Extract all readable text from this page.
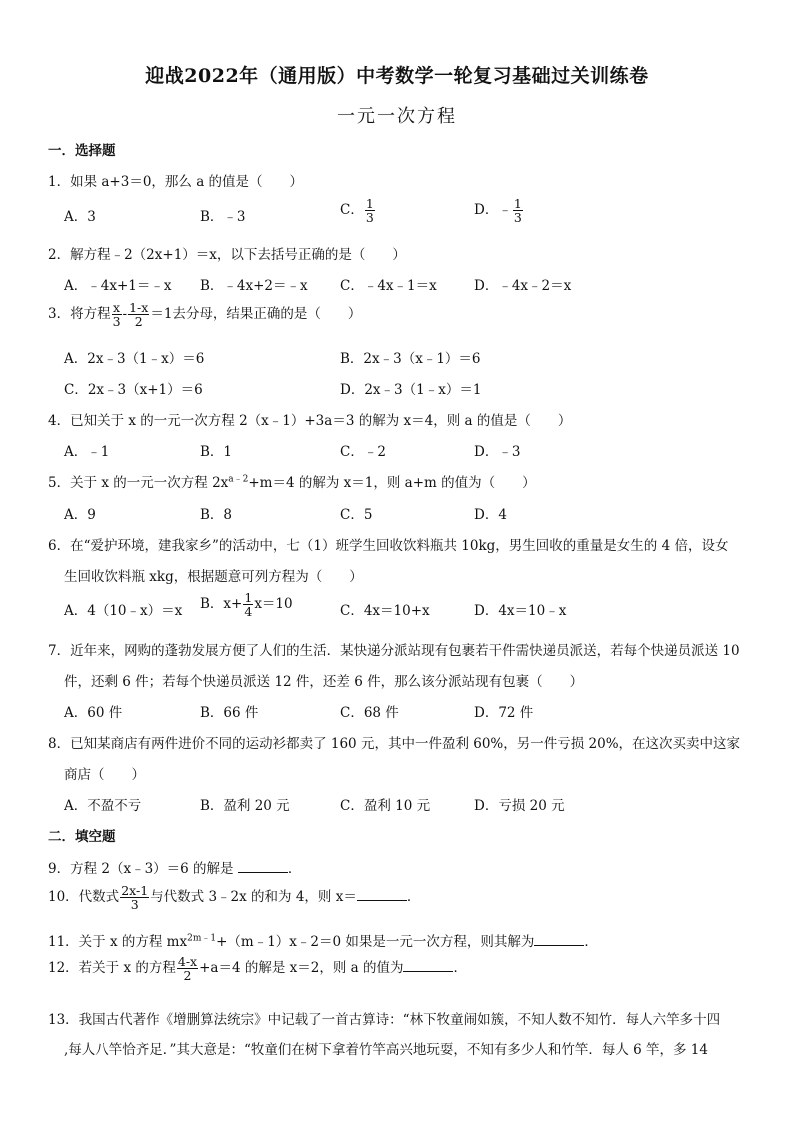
迎战2022年（通用版）中考数学一轮复习基础过关训练卷
一元一次方程
一．选择题
1．如果 a+3＝0，那么 a 的值是（　　）
A．3	B．﹣3	C． $\frac{1}{3}$	D．﹣ $\frac{1}{3}$
2．解方程﹣2（2x+1）＝x，以下去括号正确的是（　　）
A．﹣4x+1＝﹣x B．﹣4x+2＝﹣x C．﹣4x﹣1＝x	D．﹣4x﹣2＝x
3．将方程 $\frac{x}{3} - \frac{1-x}{2} =1$去分母，结果正确的是（　　）
A．2x﹣3（1﹣x）＝6	B．2x﹣3（x﹣1）＝6
C．2x﹣3（x+1）＝6	D．2x﹣3（1﹣x）＝1
4．已知关于 x 的一元一次方程 2（x﹣1）+3a＝3 的解为 x＝4，则 a 的值是（　　）
A．﹣1	B．1	C．﹣2	D．﹣3
5．关于 x 的一元一次方程 $2x^{a﹣2}+m=4$ 的解为 x＝1，则 a+m 的值为（　　）
A．9	B．8	C．5	D．4
6．在“爱护环境，建我家乡”的活动中，七（1）班学生回收饮料瓶共 10kg，男生回收的重量是女生的 4 倍，设女
生回收饮料瓶 xkg，根据题意可列方程为（　　）
A．4（10﹣x）＝x B．$x+ \frac{1}{4} x=10$	C．4x＝10+x	D．4x＝10﹣x
7．近年来，网购的蓬勃发展方便了人们的生活．某快递分派站现有包裹若干件需快递员派送，若每个快递员派送 10
件，还剩 6 件；若每个快递员派送 12 件，还差 6 件，那么该分派站现有包裹（　　）
A．60 件	B．66 件	C．68 件	D．72 件
8．已知某商店有两件进价不同的运动衫都卖了 160 元，其中一件盈利 60%，另一件亏损 20%，在这次买卖中这家
商店（　　）
A．不盈不亏	B．盈利 20 元	C．盈利 10 元	D．亏损 20 元
二．填空题
9．方程 2（x﹣3）＝6 的解是	．
10．代数式 $\frac{2x-1}{3}$ 与代数式 3﹣2x 的和为 4，则 x＝	．
11．关于 x 的方程 $mx^{2m﹣1}+(m﹣1)x﹣2=0$ 如果是一元一次方程，则其解为	．
12．若关于 x 的方程 $\frac{4-x}{2} +a=4$ 的解是 x＝2，则 a 的值为	．
13．我国古代著作《增删算法统宗》中记载了一首古算诗：“林下牧童闹如簇，不知人数不知竹．每人六竿多十四
,每人八竿恰齐足．”其大意是：“牧童们在树下拿着竹竿高兴地玩耍，不知有多少人和竹竿．每人 6 竿，多 14
